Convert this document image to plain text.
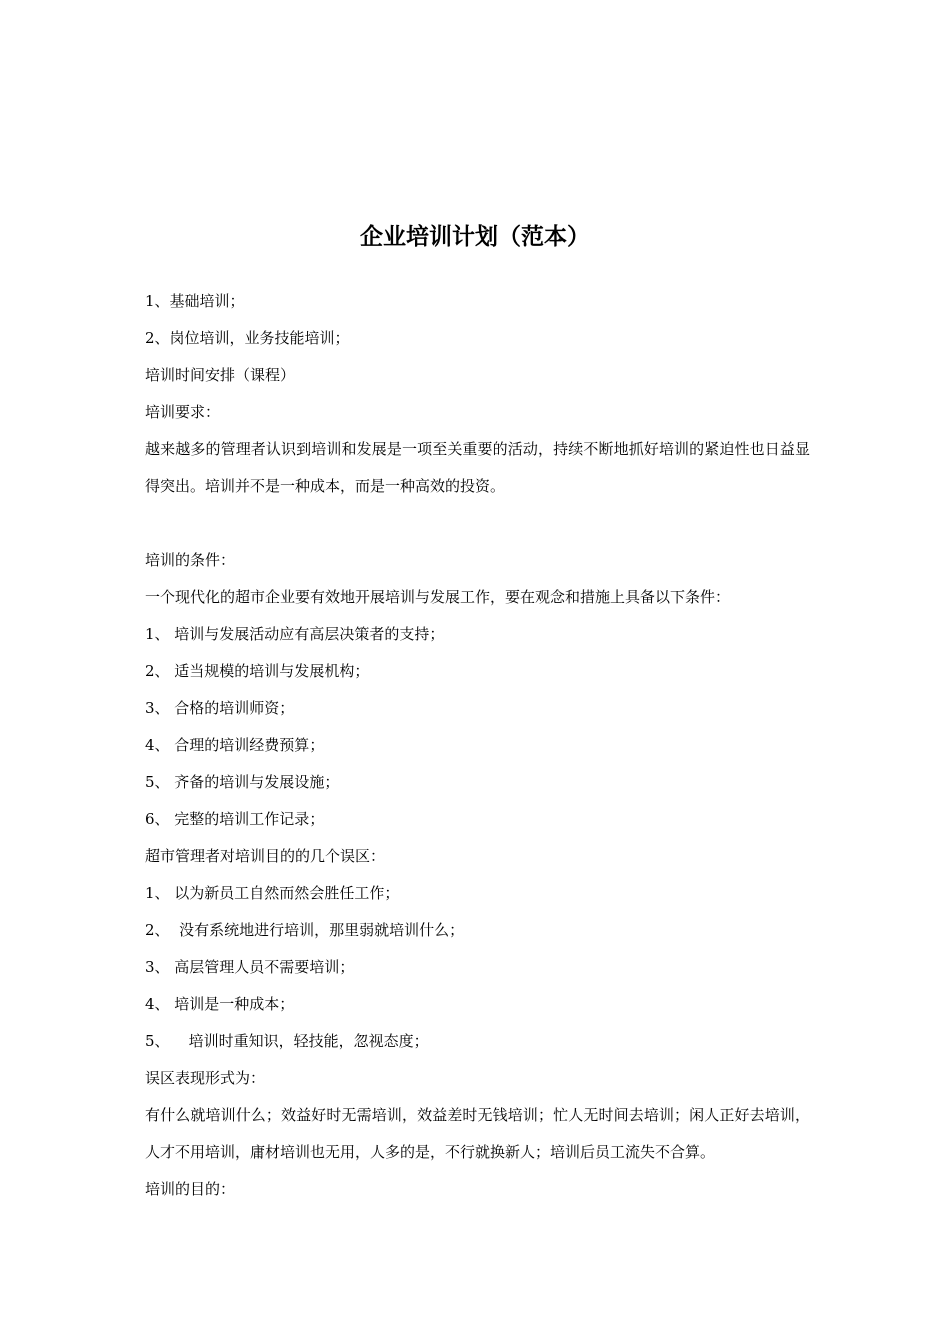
企业培训计划（范本）
1、基础培训；
2、岗位培训，业务技能培训；
培训时间安排（课程）
培训要求：
越来越多的管理者认识到培训和发展是一项至关重要的活动，持续不断地抓好培训的紧迫性也日益显得突出。培训并不是一种成本，而是一种高效的投资。
培训的条件：
一个现代化的超市企业要有效地开展培训与发展工作，要在观念和措施上具备以下条件：
1、 培训与发展活动应有高层决策者的支持；
2、 适当规模的培训与发展机构；
3、 合格的培训师资；
4、 合理的培训经费预算；
5、 齐备的培训与发展设施；
6、 完整的培训工作记录；
超市管理者对培训目的的几个误区：
1、 以为新员工自然而然会胜任工作；
2、  没有系统地进行培训，那里弱就培训什么；
3、 高层管理人员不需要培训；
4、 培训是一种成本；
5、    培训时重知识，轻技能，忽视态度；
误区表现形式为：
有什么就培训什么；效益好时无需培训，效益差时无钱培训；忙人无时间去培训；闲人正好去培训，人才不用培训，庸材培训也无用，人多的是，不行就换新人；培训后员工流失不合算。
培训的目的：
